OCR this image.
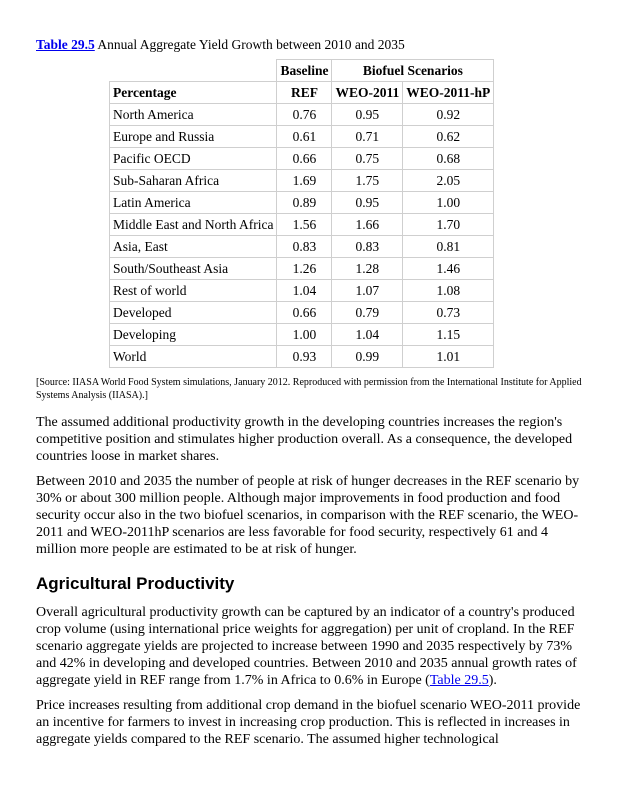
Table 29.5 Annual Aggregate Yield Growth between 2010 and 2035
	Baseline	Biofuel Scenarios	
Percentage	REF	WEO-2011	WEO-2011-hP
North America	0.76	0.95	0.92
Europe and Russia	0.61	0.71	0.62
Pacific OECD	0.66	0.75	0.68
Sub-Saharan Africa	1.69	1.75	2.05
Latin America	0.89	0.95	1.00
Middle East and North Africa	1.56	1.66	1.70
Asia, East	0.83	0.83	0.81
South/Southeast Asia	1.26	1.28	1.46
Rest of world	1.04	1.07	1.08
Developed	0.66	0.79	0.73
Developing	1.00	1.04	1.15
World	0.93	0.99	1.01
[Source: IIASA World Food System simulations, January 2012. Reproduced with permission from the International Institute for Applied Systems Analysis (IIASA).]

The assumed additional productivity growth in the developing countries increases the region's competitive position and stimulates higher production overall. As a consequence, the developed countries loose in market shares.

Between 2010 and 2035 the number of people at risk of hunger decreases in the REF scenario by 30% or about 300 million people. Although major improvements in food production and food security occur also in the two biofuel scenarios, in comparison with the REF scenario, the WEO-2011 and WEO-2011hP scenarios are less favorable for food security, respectively 61 and 4 million more people are estimated to be at risk of hunger.

Agricultural Productivity

Overall agricultural productivity growth can be captured by an indicator of a country's produced crop volume (using international price weights for aggregation) per unit of cropland. In the REF scenario aggregate yields are projected to increase between 1990 and 2035 respectively by 73% and 42% in developing and developed countries. Between 2010 and 2035 annual growth rates of aggregate yield in REF range from 1.7% in Africa to 0.6% in Europe (Table 29.5).

Price increases resulting from additional crop demand in the biofuel scenario WEO-2011 provide an incentive for farmers to invest in increasing crop production. This is reflected in increases in aggregate yields compared to the REF scenario. The assumed higher technological
